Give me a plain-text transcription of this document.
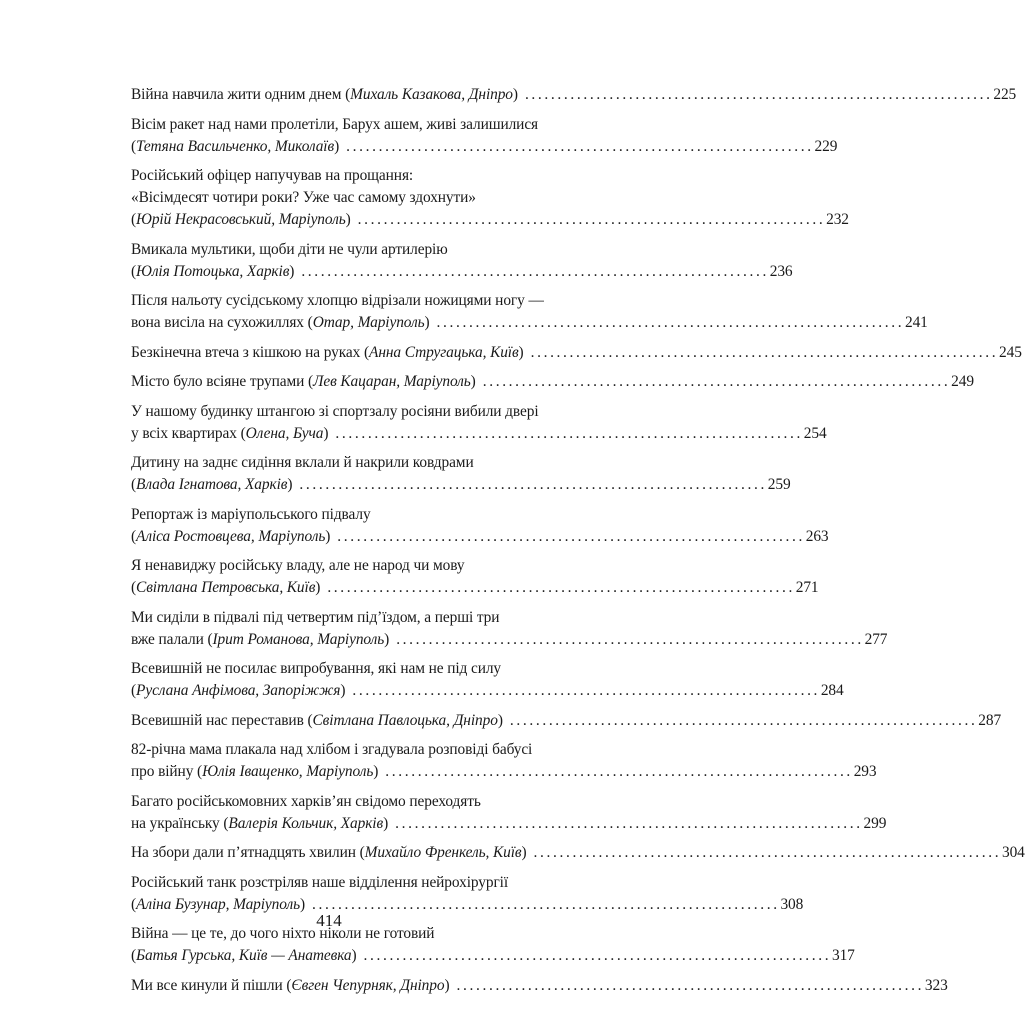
Війна навчила жити одним днем (Михаль Казакова, Дніпро) . . .	225
Вісім ракет над нами пролетіли, Барух ашем, живі залишилися
(Тетяна Васильченко, Миколаїв) . . .	229
Російський офіцер напучував на прощання:
«Вісімдесят чотири роки? Уже час самому здохнути»
(Юрій Некрасовський, Маріуполь) . . .	232
Вмикала мультики, щоби діти не чули артилерію
(Юлія Потоцька, Харків) . . .	236
Після нальоту сусідському хлопцю відрізали ножицями ногу —
вона висіла на сухожиллях (Отар, Маріуполь) . . .	241
Безкінечна втеча з кішкою на руках (Анна Стругацька, Київ) . . .	245
Місто було всіяне трупами (Лев Кацаран, Маріуполь) . . .	249
У нашому будинку штангою зі спортзалу росіяни вибили двері
у всіх квартирах (Олена, Буча) . . .	254
Дитину на заднє сидіння вклали й накрили ковдрами
(Влада Ігнатова, Харків) . . .	259
Репортаж із маріупольського підвалу
(Аліса Ростовцева, Маріуполь) . . .	263
Я ненавиджу російську владу, але не народ чи мову
(Світлана Петровська, Київ) . . .	271
Ми сиділи в підвалі під четвертим під’їздом, а перші три
вже палали (Ірит Романова, Маріуполь) . . .	277
Всевишній не посилає випробування, які нам не під силу
(Руслана Анфімова, Запоріжжя) . . .	284
Всевишній нас переставив (Світлана Павлоцька, Дніпро) . . .	287
82-річна мама плакала над хлібом і згадувала розповіді бабусі
про війну (Юлія Іващенко, Маріуполь) . . .	293
Багато російськомовних харків’ян свідомо переходять
на українську (Валерія Кольчик, Харків) . . .	299
На збори дали п’ятнадцять хвилин (Михайло Френкель, Київ) . . .	304
Російський танк розстріляв наше відділення нейрохірургії
(Аліна Бузунар, Маріуполь) . . .	308
Війна — це те, до чого ніхто ніколи не готовий
(Батья Гурська, Київ — Анатевка) . . .	317
Ми все кинули й пішли (Євген Чепурняк, Дніпро) . . .	323
414
